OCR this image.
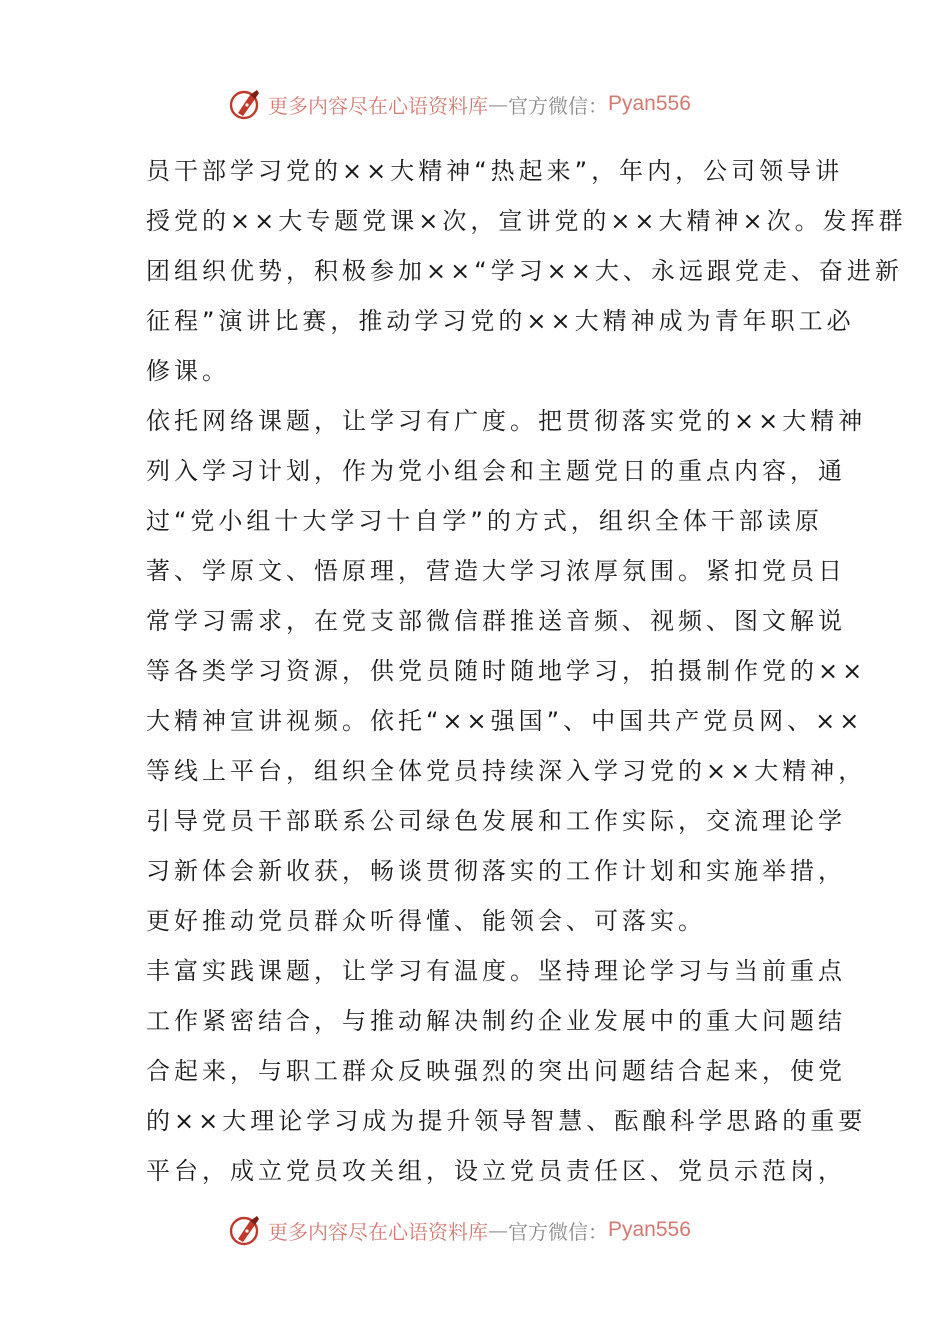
更多内容尽在心语资料库 — 官方微信： Pyan556
员干部学习党的××大精神“热起来”，年内，公司领导讲
授党的××大专题党课×次，宣讲党的××大精神×次。发挥群
团组织优势，积极参加××“学习××大、永远跟党走、奋进新
征程”演讲比赛，推动学习党的××大精神成为青年职工必
修课。
依托网络课题，让学习有广度。把贯彻落实党的××大精神
列入学习计划，作为党小组会和主题党日的重点内容，通
过“党小组十大学习十自学”的方式，组织全体干部读原
著、学原文、悟原理，营造大学习浓厚氛围。紧扣党员日
常学习需求，在党支部微信群推送音频、视频、图文解说
等各类学习资源，供党员随时随地学习，拍摄制作党的××
大精神宣讲视频。依托“××强国”、中国共产党员网、××
等线上平台，组织全体党员持续深入学习党的××大精神，
引导党员干部联系公司绿色发展和工作实际，交流理论学
习新体会新收获，畅谈贯彻落实的工作计划和实施举措，
更好推动党员群众听得懂、能领会、可落实。
丰富实践课题，让学习有温度。坚持理论学习与当前重点
工作紧密结合，与推动解决制约企业发展中的重大问题结
合起来，与职工群众反映强烈的突出问题结合起来，使党
的××大理论学习成为提升领导智慧、酝酿科学思路的重要
平台，成立党员攻关组，设立党员责任区、党员示范岗，
更多内容尽在心语资料库 — 官方微信： Pyan556
